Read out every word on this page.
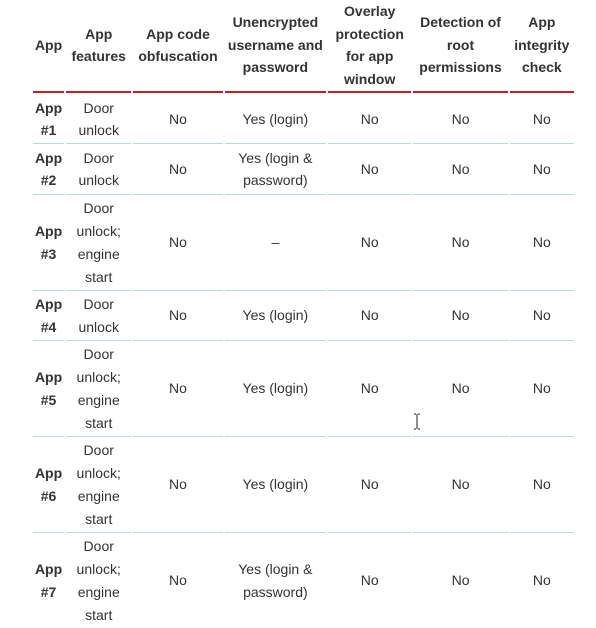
App	App features	App code obfuscation	Unencrypted username and password	Overlay protection for app window	Detection of root permissions	App integrity check

App #1	Door unlock	No	Yes (login)	No	No	No
App #2	Door unlock	No	Yes (login & password)	No	No	No
App #3	Door unlock; engine start	No	–	No	No	No
App #4	Door unlock	No	Yes (login)	No	No	No
App #5	Door unlock; engine start	No	Yes (login)	No	No	No
App #6	Door unlock; engine start	No	Yes (login)	No	No	No
App #7	Door unlock; engine start	No	Yes (login & password)	No	No	No
